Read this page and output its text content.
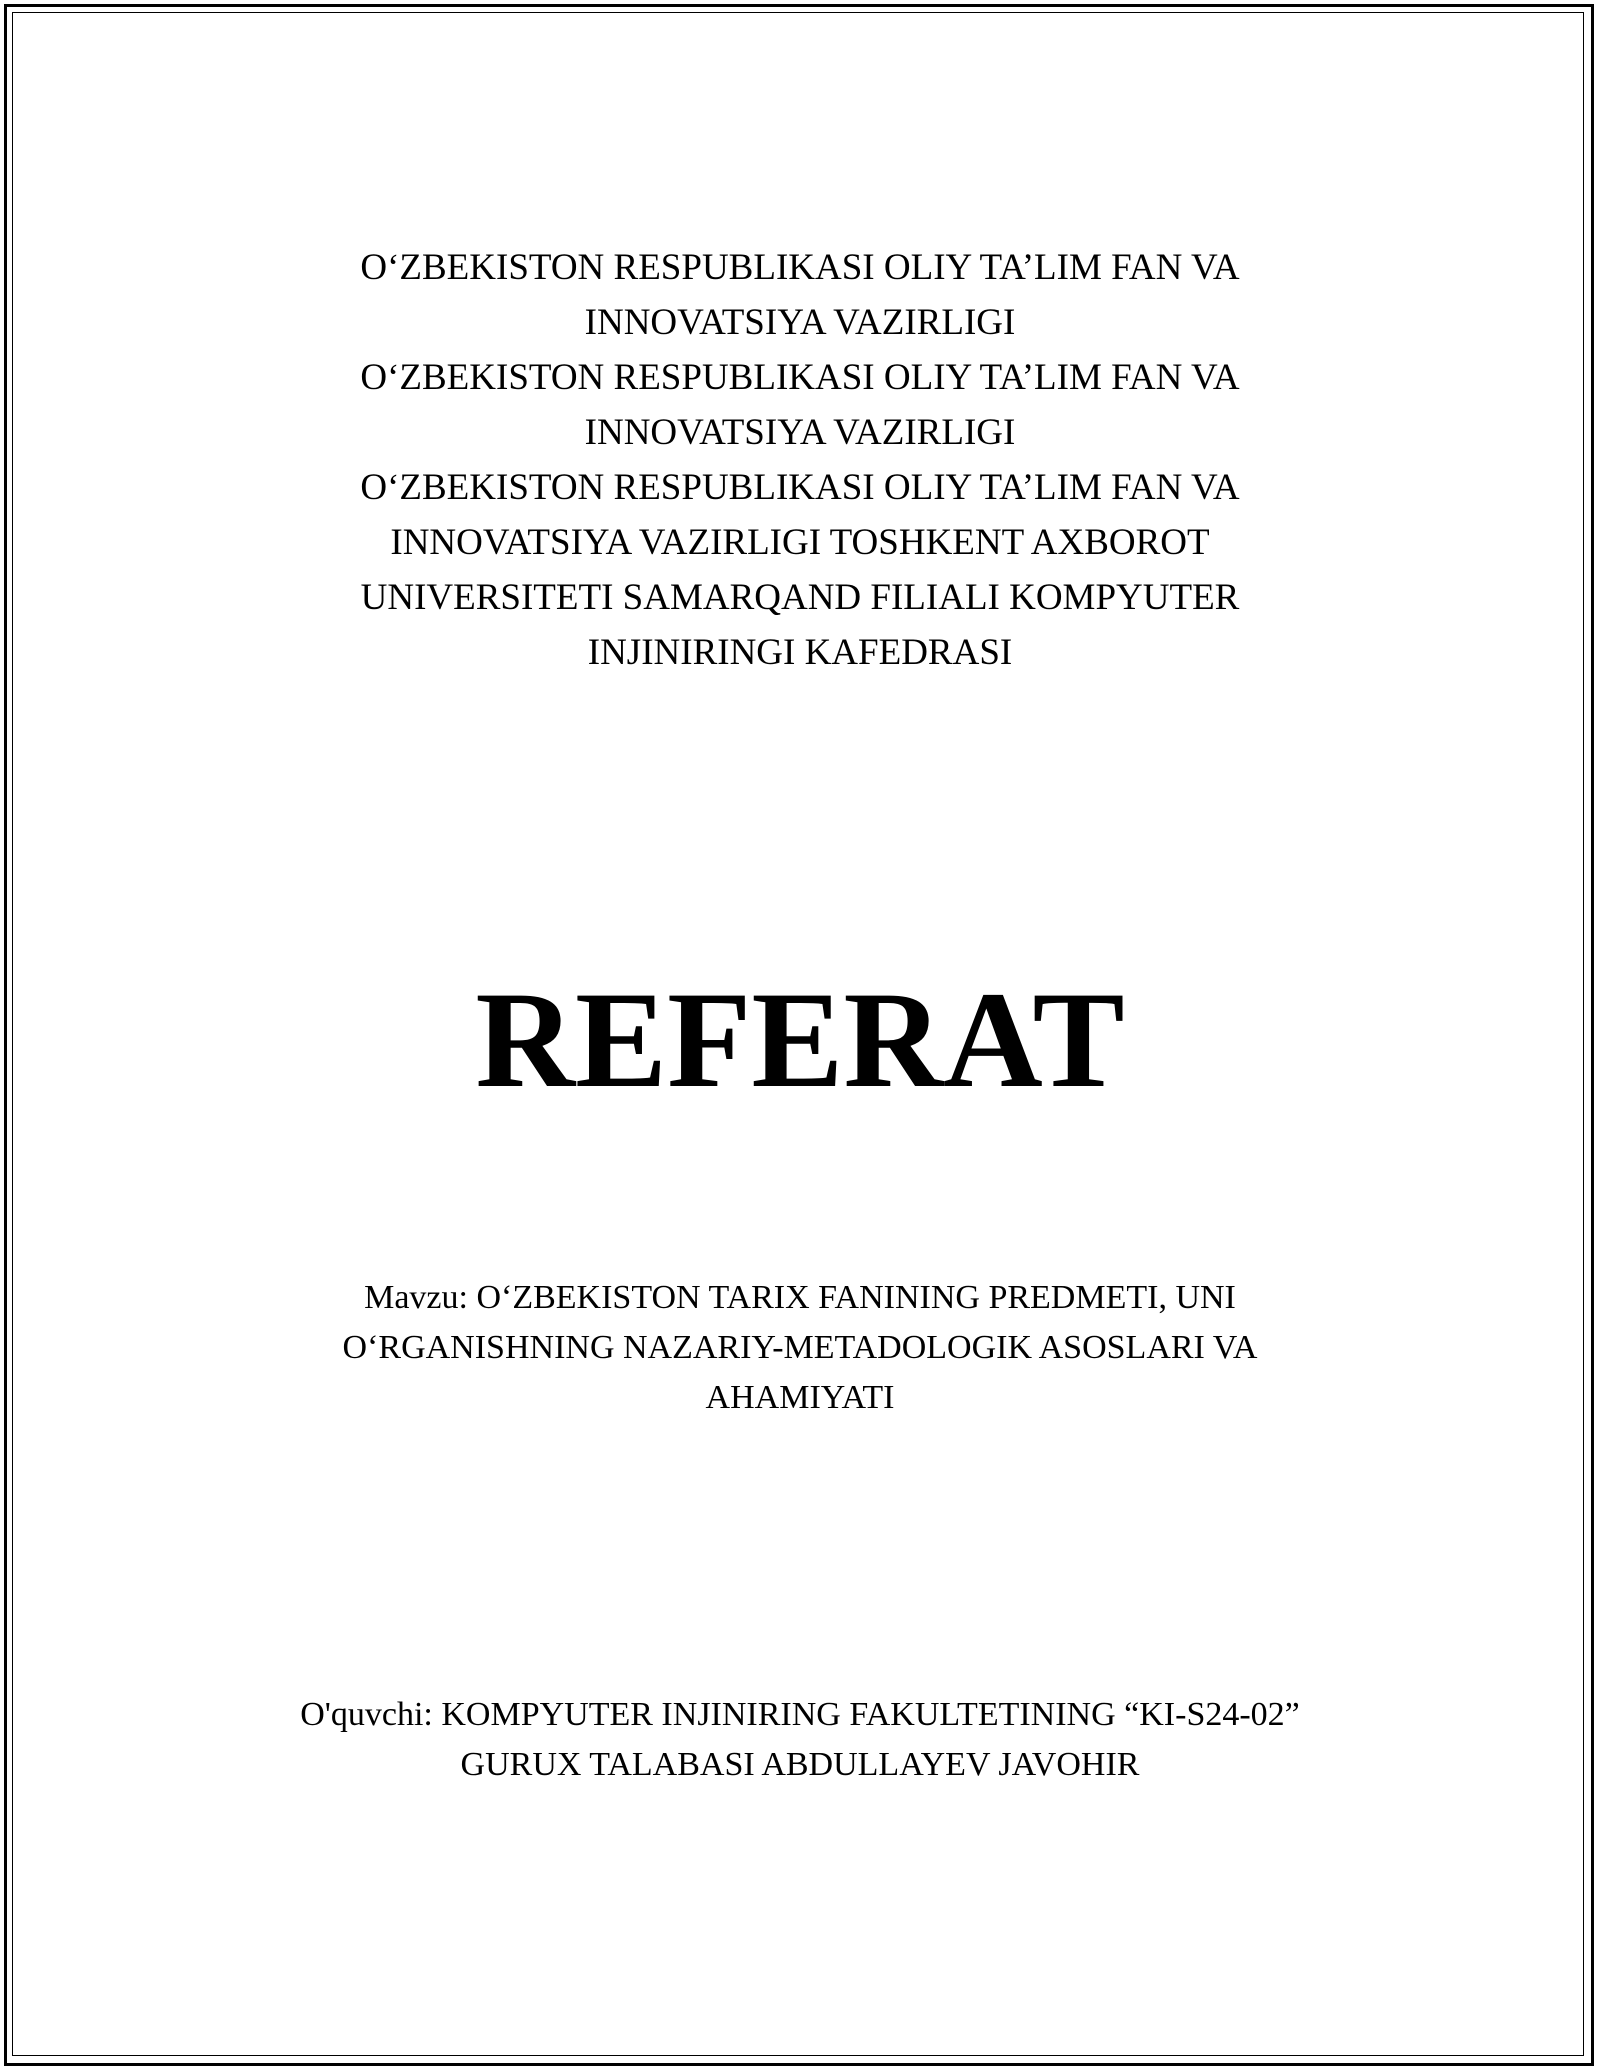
O‘ZBEKISTON RESPUBLIKASI OLIY TA’LIM FAN VA
INNOVATSIYA VAZIRLIGI
O‘ZBEKISTON RESPUBLIKASI OLIY TA’LIM FAN VA
INNOVATSIYA VAZIRLIGI
O‘ZBEKISTON RESPUBLIKASI OLIY TA’LIM FAN VA
INNOVATSIYA VAZIRLIGI TOSHKENT AXBOROT
UNIVERSITETI SAMARQAND FILIALI KOMPYUTER
INJINIRINGI KAFEDRASI
REFERAT
Mavzu: O‘ZBEKISTON TARIX FANINING PREDMETI, UNI
O‘RGANISHNING NAZARIY-METADOLOGIK ASOSLARI VA
AHAMIYATI
O'quvchi: KOMPYUTER INJINIRING FAKULTETINING “KI-S24-02”
GURUX TALABASI ABDULLAYEV JAVOHIR
